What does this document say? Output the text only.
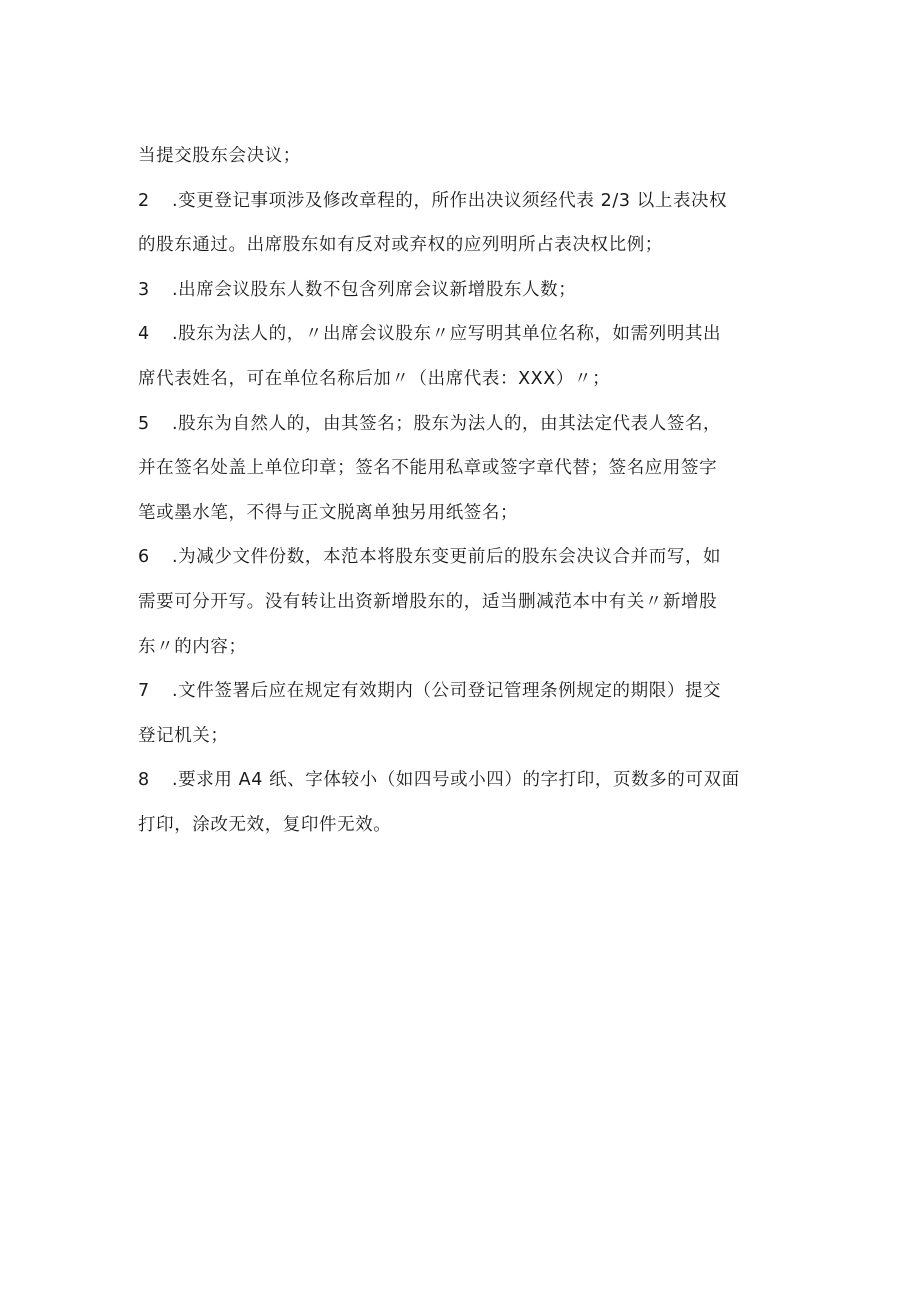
当提交股东会决议；
2 .变更登记事项涉及修改章程的，所作出决议须经代表 2/3 以上表决权
的股东通过。出席股东如有反对或弃权的应列明所占表决权比例；
3 .出席会议股东人数不包含列席会议新增股东人数；
4 .股东为法人的，〃出席会议股东〃应写明其单位名称，如需列明其出
席代表姓名，可在单位名称后加〃（出席代表：XXX）〃；
5 .股东为自然人的，由其签名；股东为法人的，由其法定代表人签名，
并在签名处盖上单位印章；签名不能用私章或签字章代替；签名应用签字
笔或墨水笔，不得与正文脱离单独另用纸签名；
6 .为减少文件份数，本范本将股东变更前后的股东会决议合并而写，如
需要可分开写。没有转让出资新增股东的，适当删减范本中有关〃新增股
东〃的内容；
7 .文件签署后应在规定有效期内（公司登记管理条例规定的期限）提交
登记机关；
8 .要求用 A4 纸、字体较小（如四号或小四）的字打印，页数多的可双面
打印，涂改无效，复印件无效。
